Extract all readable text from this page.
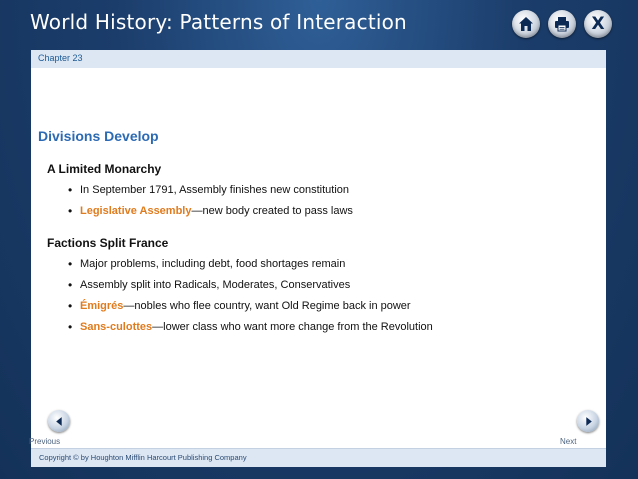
World History: Patterns of Interaction	X
Chapter 23
Divisions Develop
A Limited Monarchy
• In September 1791, Assembly finishes new constitution
• Legislative Assembly—new body created to pass laws
Factions Split France
• Major problems, including debt, food shortages remain
• Assembly split into Radicals, Moderates, Conservatives
• Émigrés—nobles who flee country, want Old Regime back in power
• Sans-culottes—lower class who want more change from the Revolution
Previous	Next
Copyright © by Houghton Mifflin Harcourt Publishing Company
